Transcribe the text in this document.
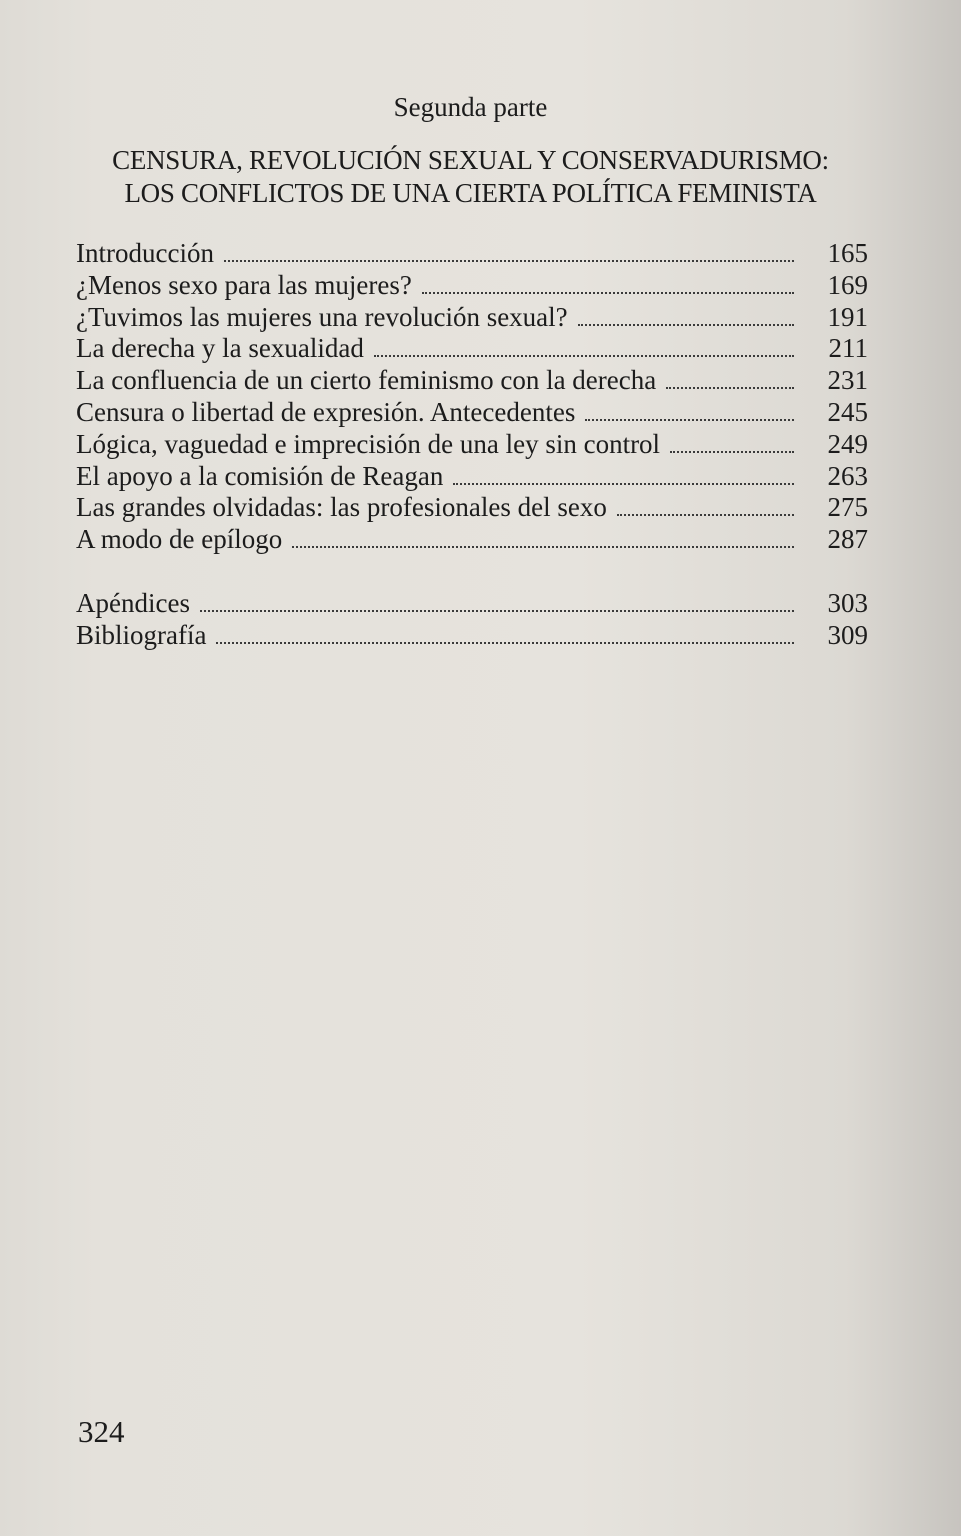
Segunda parte
CENSURA, REVOLUCIÓN SEXUAL Y CONSERVADURISMO:
LOS CONFLICTOS DE UNA CIERTA POLÍTICA FEMINISTA
Introducción	165
¿Menos sexo para las mujeres?	169
¿Tuvimos las mujeres una revolución sexual?	191
La derecha y la sexualidad	211
La confluencia de un cierto feminismo con la derecha	231
Censura o libertad de expresión. Antecedentes	245
Lógica, vaguedad e imprecisión de una ley sin control	249
El apoyo a la comisión de Reagan	263
Las grandes olvidadas: las profesionales del sexo	275
A modo de epílogo	287
Apéndices	303
Bibliografía	309
324
